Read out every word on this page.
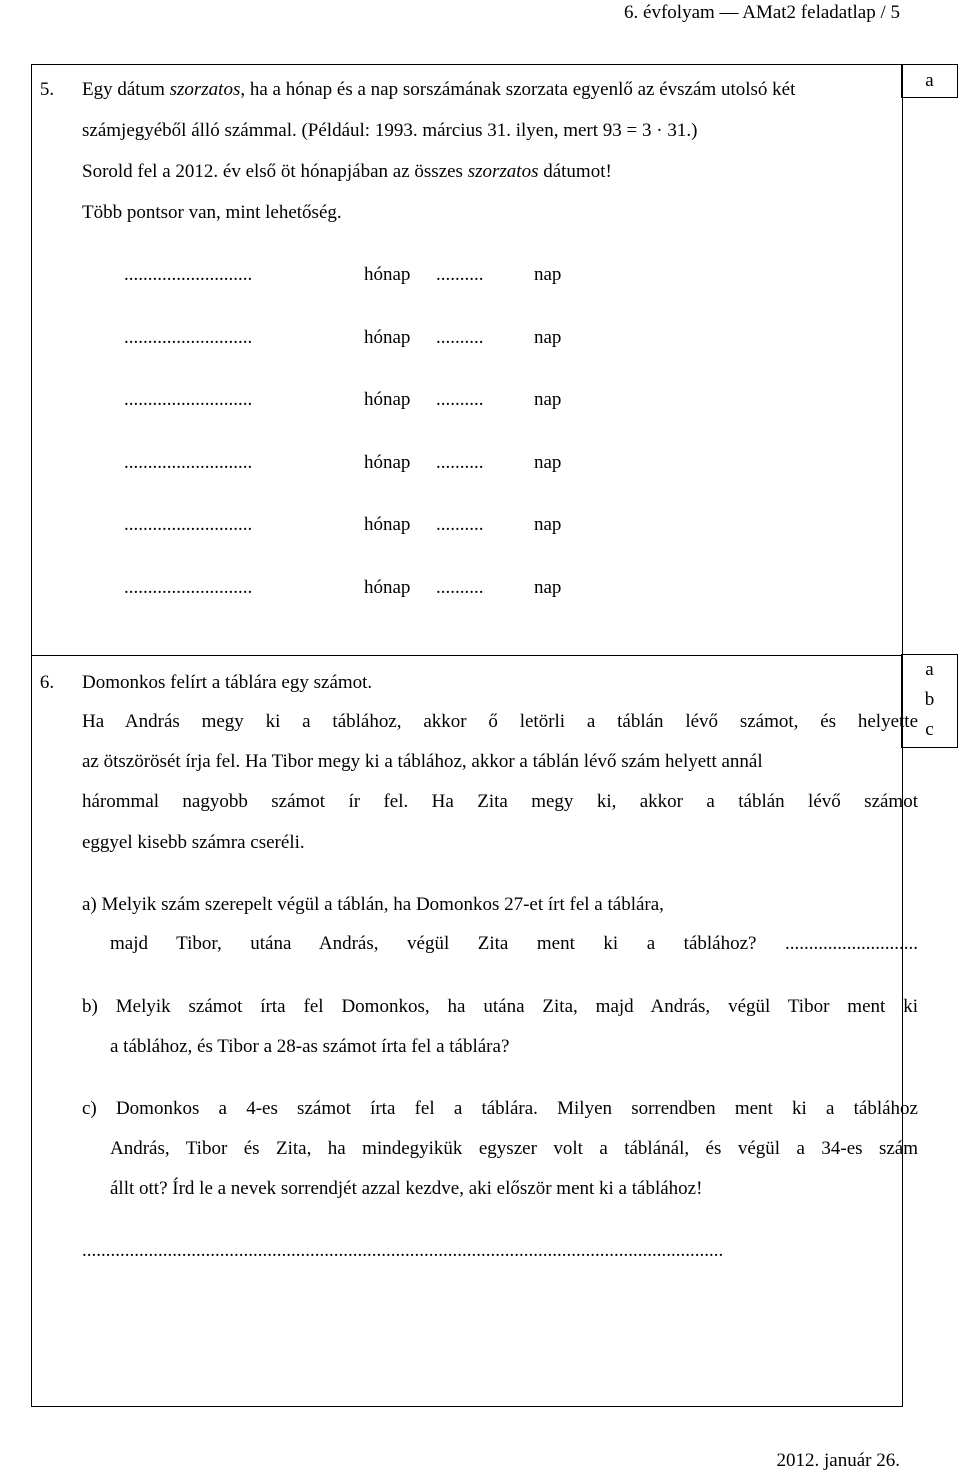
6. évfolyam — AMat2 feladatlap / 5
5.	Egy dátum szorzatos, ha a hónap és a nap sorszámának szorzata egyenlő az évszám utolsó két
számjegyéből álló számmal. (Például: 1993. március 31. ilyen, mert 93 = 3 · 31.)
Sorold fel a 2012. év első öt hónapjában az összes szorzatos dátumot!
Több pontsor van, mint lehetőség.
...........................	hónap ..........	nap
...........................	hónap ..........	nap
...........................	hónap ..........	nap
...........................	hónap ..........	nap
...........................	hónap ..........	nap
...........................	hónap ..........	nap
a
6.	Domonkos felírt a táblára egy számot.
Ha András megy ki a táblához, akkor ő letörli a táblán lévő számot, és helyette
az ötszörösét írja fel. Ha Tibor megy ki a táblához, akkor a táblán lévő szám helyett annál
hárommal nagyobb számot ír fel. Ha Zita megy ki, akkor a táblán lévő számot
eggyel kisebb számra cseréli.
a) Melyik szám szerepelt végül a táblán, ha Domonkos 27-et írt fel a táblára,
majd Tibor, utána András, végül Zita ment ki a táblához? ............................
b) Melyik számot írta fel Domonkos, ha utána Zita, majd András, végül Tibor ment ki
a táblához, és Tibor a 28-as számot írta fel a táblára?
c) Domonkos a 4-es számot írta fel a táblára. Milyen sorrendben ment ki a táblához
András, Tibor és Zita, ha mindegyikük egyszer volt a táblánál, és végül a 34-es szám
állt ott? Írd le a nevek sorrendjét azzal kezdve, aki először ment ki a táblához!
.......................................................................................................................................
a
b
c
2012. január 26.
